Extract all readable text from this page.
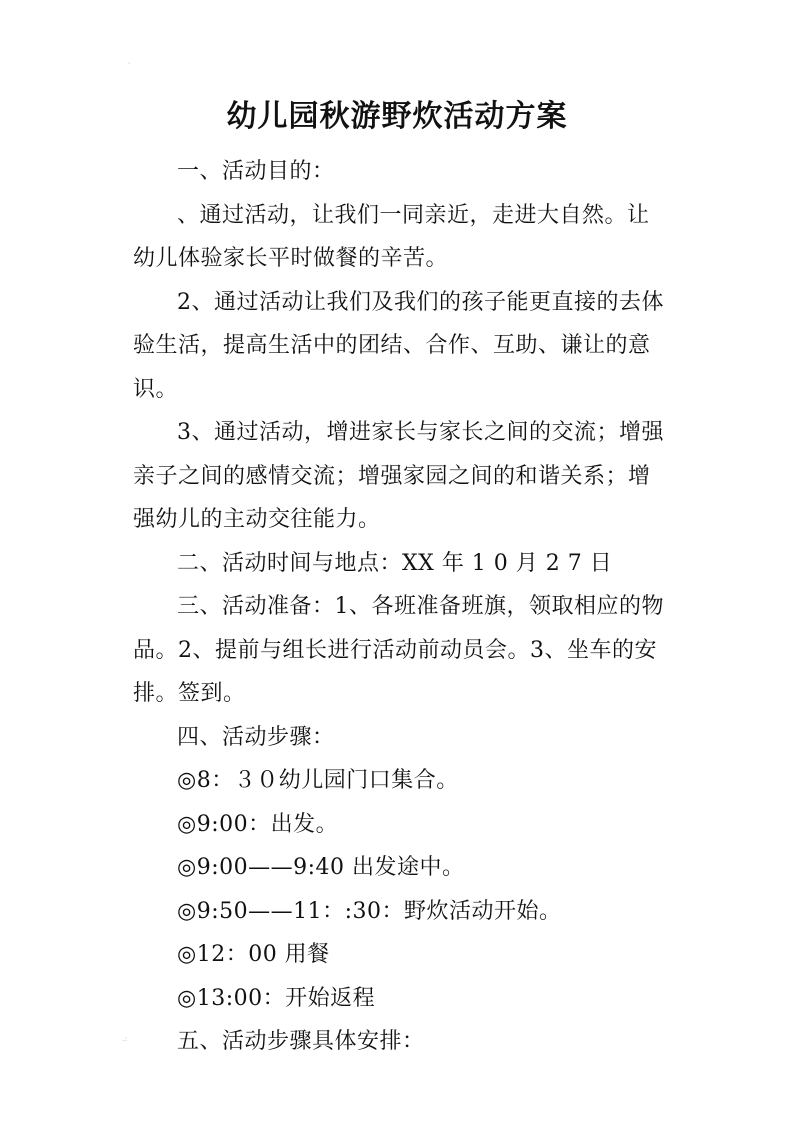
'
.:
幼儿园秋游野炊活动方案

一、活动目的：

、通过活动，让我们一同亲近，走进大自然。让幼儿体验家长平时做餐的辛苦。

2、通过活动让我们及我们的孩子能更直接的去体验生活，提高生活中的团结、合作、互助、谦让的意识。

3、通过活动，增进家长与家长之间的交流；增强亲子之间的感情交流；增强家园之间的和谐关系；增强幼儿的主动交往能力。

二、活动时间与地点：XX 年 1 0 月 2 7 日

三、活动准备：1、各班准备班旗，领取相应的物品。2、提前与组长进行活动前动员会。3、坐车的安排。签到。

四、活动步骤：

◎8：３０幼儿园门口集合。

◎9:00：出发。

◎9:00——9:40 出发途中。

◎9:50——11：:30：野炊活动开始。

◎12：00 用餐

◎13:00：开始返程

五、活动步骤具体安排：
